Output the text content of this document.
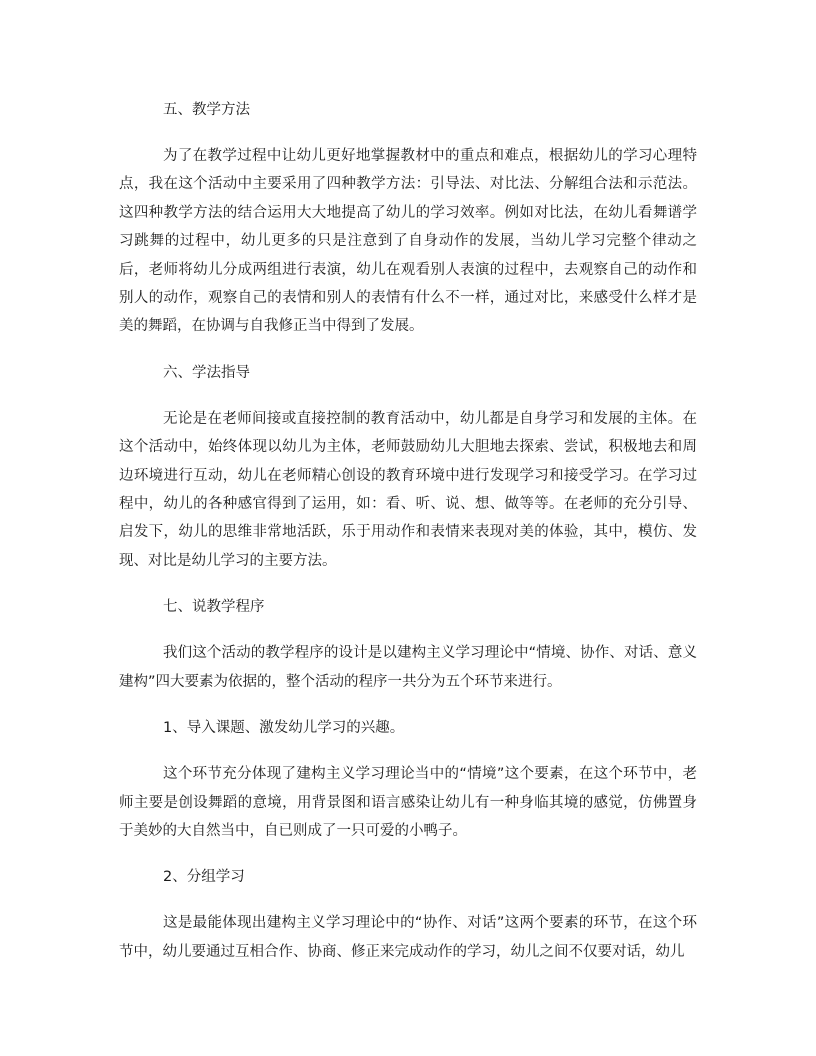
五、教学方法

为了在教学过程中让幼儿更好地掌握教材中的重点和难点，根据幼儿的学习心理特点，我在这个活动中主要采用了四种教学方法：引导法、对比法、分解组合法和示范法。这四种教学方法的结合运用大大地提高了幼儿的学习效率。例如对比法，在幼儿看舞谱学习跳舞的过程中，幼儿更多的只是注意到了自身动作的发展，当幼儿学习完整个律动之后，老师将幼儿分成两组进行表演，幼儿在观看别人表演的过程中，去观察自己的动作和别人的动作，观察自己的表情和别人的表情有什么不一样，通过对比，来感受什么样才是美的舞蹈，在协调与自我修正当中得到了发展。

六、学法指导

无论是在老师间接或直接控制的教育活动中，幼儿都是自身学习和发展的主体。在这个活动中，始终体现以幼儿为主体，老师鼓励幼儿大胆地去探索、尝试，积极地去和周边环境进行互动，幼儿在老师精心创设的教育环境中进行发现学习和接受学习。在学习过程中，幼儿的各种感官得到了运用，如：看、听、说、想、做等等。在老师的充分引导、启发下，幼儿的思维非常地活跃，乐于用动作和表情来表现对美的体验，其中，模仿、发现、对比是幼儿学习的主要方法。

七、说教学程序

我们这个活动的教学程序的设计是以建构主义学习理论中“情境、协作、对话、意义建构”四大要素为依据的，整个活动的程序一共分为五个环节来进行。

1、导入课题、激发幼儿学习的兴趣。

这个环节充分体现了建构主义学习理论当中的“情境”这个要素，在这个环节中，老师主要是创设舞蹈的意境，用背景图和语言感染让幼儿有一种身临其境的感觉，仿佛置身于美妙的大自然当中，自已则成了一只可爱的小鸭子。

2、分组学习

这是最能体现出建构主义学习理论中的“协作、对话”这两个要素的环节，在这个环节中，幼儿要通过互相合作、协商、修正来完成动作的学习，幼儿之间不仅要对话，幼儿
